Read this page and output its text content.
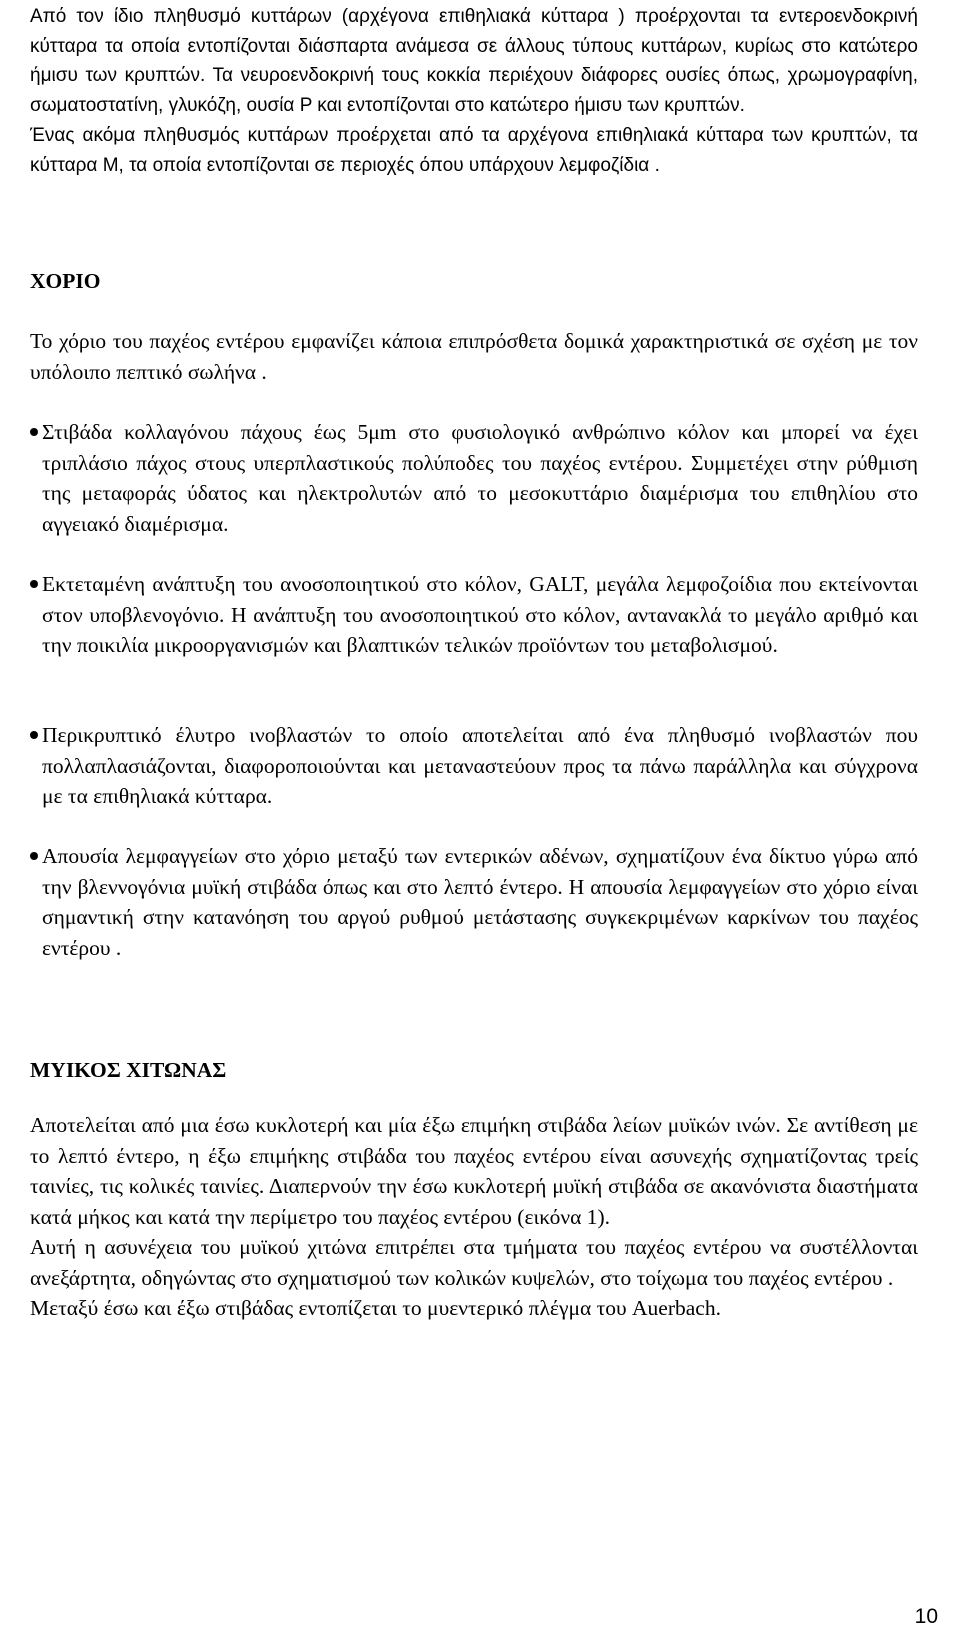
Από τον ίδιο πληθυσμό κυττάρων (αρχέγονα επιθηλιακά κύτταρα ) προέρχονται τα εντεροενδοκρινή κύτταρα τα οποία εντοπίζονται διάσπαρτα ανάμεσα σε άλλους τύπους κυττάρων, κυρίως στο κατώτερο ήμισυ των κρυπτών. Τα νευροενδοκρινή τους κοκκία περιέχουν διάφορες ουσίες όπως, χρωμογραφίνη, σωματοστατίνη, γλυκόζη, ουσία P και εντοπίζονται στο κατώτερο ήμισυ των κρυπτών.

Ένας ακόμα πληθυσμός κυττάρων προέρχεται από τα αρχέγονα επιθηλιακά κύτταρα των κρυπτών, τα κύτταρα M, τα οποία εντοπίζονται σε περιοχές όπου υπάρχουν λεμφοζίδια .

ΧΟΡΙΟ

Το χόριο του παχέος εντέρου εμφανίζει κάποια επιπρόσθετα δομικά χαρακτηριστικά σε σχέση με τον υπόλοιπο πεπτικό σωλήνα .

Στιβάδα κολλαγόνου πάχους έως 5μm στο φυσιολογικό ανθρώπινο κόλον και μπορεί να έχει τριπλάσιο πάχος στους υπερπλαστικούς πολύποδες του παχέος εντέρου. Συμμετέχει στην ρύθμιση της μεταφοράς ύδατος και ηλεκτρολυτών από το μεσοκυττάριο διαμέρισμα του επιθηλίου στο αγγειακό διαμέρισμα.

Εκτεταμένη ανάπτυξη του ανοσοποιητικού στο κόλον, GALT, μεγάλα λεμφοζοίδια που εκτείνονται στον υποβλενογόνιο. Η ανάπτυξη του ανοσοποιητικού στο κόλον, αντανακλά το μεγάλο αριθμό και την ποικιλία μικροοργανισμών και βλαπτικών τελικών προϊόντων του μεταβολισμού.

Περικρυπτικό έλυτρο ινοβλαστών το οποίο αποτελείται από ένα πληθυσμό ινοβλαστών που πολλαπλασιάζονται, διαφοροποιούνται και μεταναστεύουν προς τα πάνω παράλληλα και σύγχρονα με τα επιθηλιακά κύτταρα.

Απουσία λεμφαγγείων στο χόριο μεταξύ των εντερικών αδένων, σχηματίζουν ένα δίκτυο γύρω από την βλεννογόνια μυϊκή στιβάδα όπως και στο λεπτό έντερο. Η απουσία λεμφαγγείων στο χόριο είναι σημαντική στην κατανόηση του αργού ρυθμού μετάστασης συγκεκριμένων καρκίνων του παχέος εντέρου .

ΜΥΙΚΟΣ ΧΙΤΩΝΑΣ

Αποτελείται από μια έσω κυκλοτερή και μία έξω επιμήκη στιβάδα λείων μυϊκών ινών. Σε αντίθεση με το λεπτό έντερο, η έξω επιμήκης στιβάδα του παχέος εντέρου είναι ασυνεχής σχηματίζοντας τρείς ταινίες, τις κολικές ταινίες. Διαπερνούν την έσω κυκλοτερή μυϊκή στιβάδα σε ακανόνιστα διαστήματα κατά μήκος και κατά την περίμετρο του παχέος εντέρου (εικόνα 1).

Αυτή η ασυνέχεια του μυϊκού χιτώνα επιτρέπει στα τμήματα του παχέος εντέρου να συστέλλονται ανεξάρτητα, οδηγώντας στο σχηματισμού των κολικών κυψελών, στο τοίχωμα του παχέος εντέρου .

Μεταξύ έσω και έξω στιβάδας εντοπίζεται το μυεντερικό πλέγμα του Auerbach.

10
